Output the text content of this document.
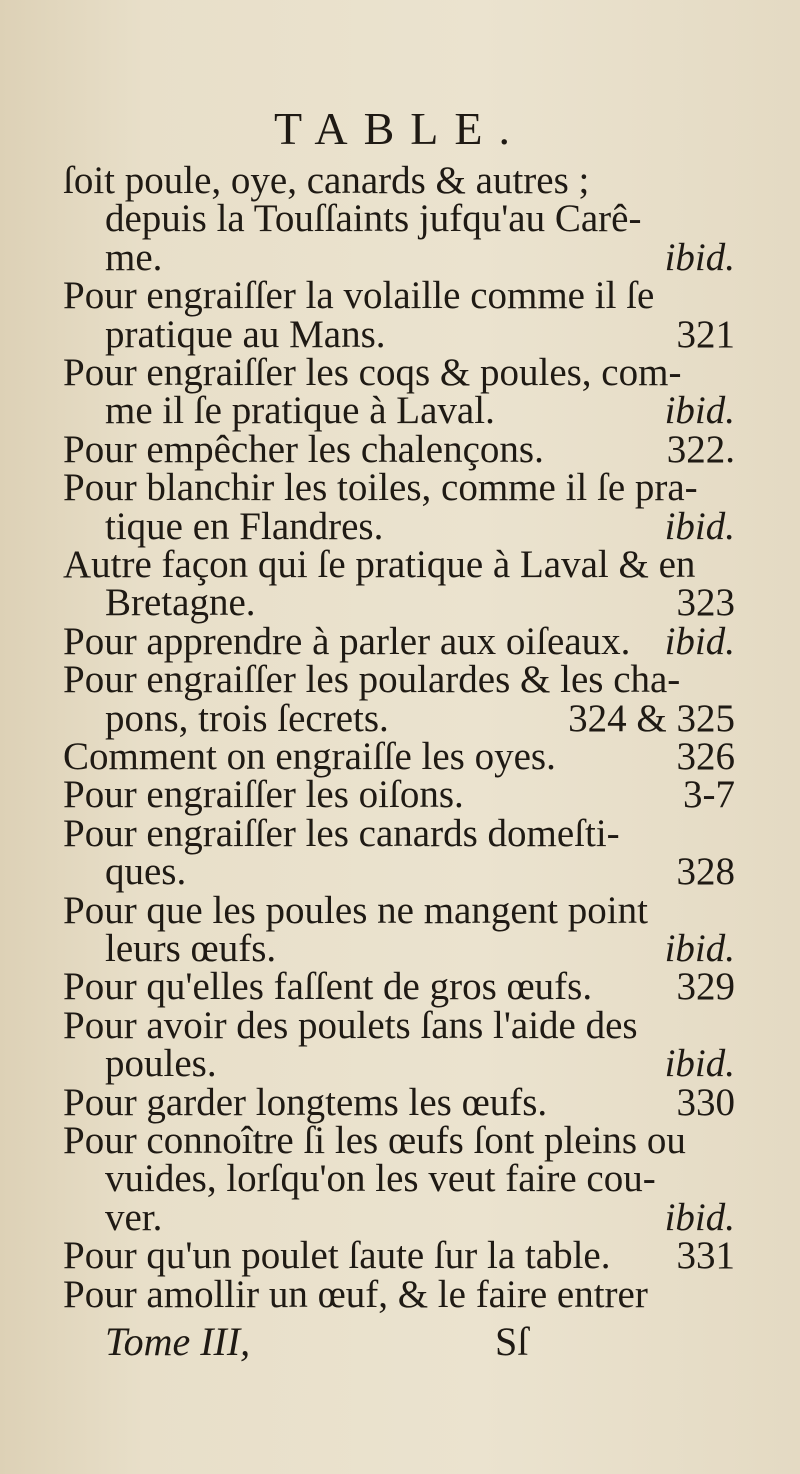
TABLE.
ſoit poule, oye, canards & autres ;
depuis la Touſſaints jufqu'au Carê-
me.	ibid.
Pour engraiſſer la volaille comme il ſe
pratique au Mans.	321
Pour engraiſſer les coqs & poules, com-
me il ſe pratique à Laval.	ibid.
Pour empêcher les chalençons.	322.
Pour blanchir les toiles, comme il ſe pra-
tique en Flandres.	ibid.
Autre façon qui ſe pratique à Laval & en
Bretagne.	323
Pour apprendre à parler aux oiſeaux. ibid.
Pour engraiſſer les poulardes & les cha-
pons, trois ſecrets.	324 & 325
Comment on engraiſſe les oyes.	326
Pour engraiſſer les oiſons.	3-7
Pour engraiſſer les canards domeſti-
ques.	328
Pour que les poules ne mangent point
leurs œufs.	ibid.
Pour qu'elles faſſent de gros œufs. 329
Pour avoir des poulets ſans l'aide des
poules.	ibid.
Pour garder longtems les œufs.	330
Pour connoître ſi les œufs ſont pleins ou
vuides, lorſqu'on les veut faire cou-
ver.	ibid.
Pour qu'un poulet ſaute ſur la table. 331
Pour amollir un œuf, & le faire entrer
Tome III,	Sſ
